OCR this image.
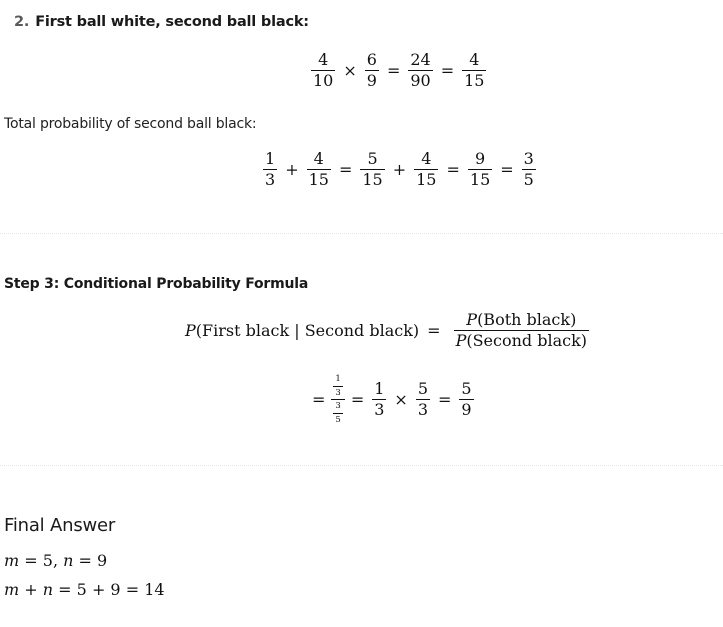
2. First ball white, second ball black:
$\frac{4}{10} \times \frac{6}{9} = \frac{24}{90} = \frac{4}{15}$
Total probability of second ball black:
$\frac{1}{3} + \frac{4}{15} = \frac{5}{15} + \frac{4}{15} = \frac{9}{15} = \frac{3}{5}$
Step 3: Conditional Probability Formula
P (First black | Second black) = $\frac{\text{P(Both black)}}{\text{P(Second black)}}$
= $\frac{\frac{1}{3}}{\frac{3}{5}} = \frac{1}{3} \times \frac{5}{3} = \frac{5}{9}$
Final Answer
m = 5, n = 9
m + n = 5 + 9 = 14
